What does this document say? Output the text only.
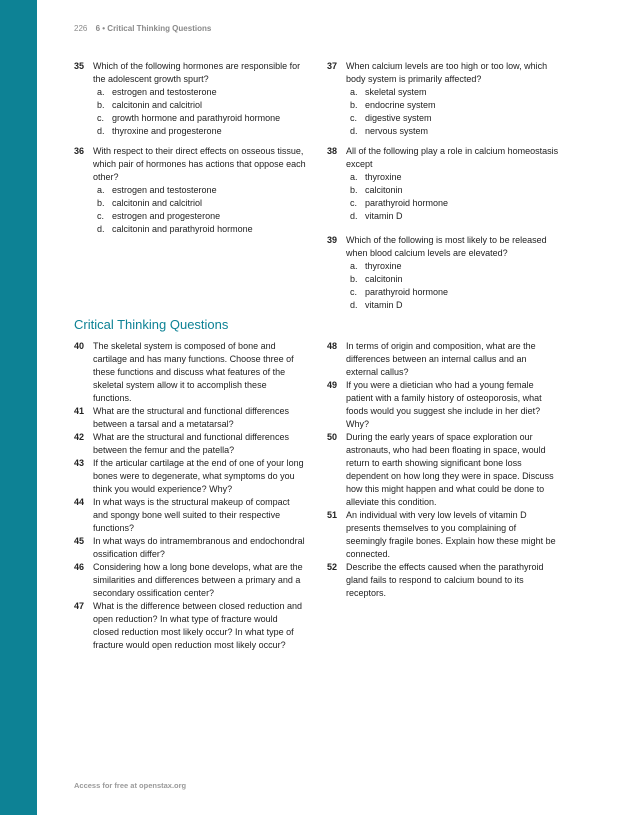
226 6 • Critical Thinking Questions
35 Which of the following hormones are responsible for the adolescent growth spurt?
a. estrogen and testosterone
b. calcitonin and calcitriol
c. growth hormone and parathyroid hormone
d. thyroxine and progesterone
36 With respect to their direct effects on osseous tissue, which pair of hormones has actions that oppose each other?
a. estrogen and testosterone
b. calcitonin and calcitriol
c. estrogen and progesterone
d. calcitonin and parathyroid hormone
37 When calcium levels are too high or too low, which body system is primarily affected?
a. skeletal system
b. endocrine system
c. digestive system
d. nervous system
38 All of the following play a role in calcium homeostasis except
a. thyroxine
b. calcitonin
c. parathyroid hormone
d. vitamin D
39 Which of the following is most likely to be released when blood calcium levels are elevated?
a. thyroxine
b. calcitonin
c. parathyroid hormone
d. vitamin D
Critical Thinking Questions
40 The skeletal system is composed of bone and cartilage and has many functions. Choose three of these functions and discuss what features of the skeletal system allow it to accomplish these functions.
41 What are the structural and functional differences between a tarsal and a metatarsal?
42 What are the structural and functional differences between the femur and the patella?
43 If the articular cartilage at the end of one of your long bones were to degenerate, what symptoms do you think you would experience? Why?
44 In what ways is the structural makeup of compact and spongy bone well suited to their respective functions?
45 In what ways do intramembranous and endochondral ossification differ?
46 Considering how a long bone develops, what are the similarities and differences between a primary and a secondary ossification center?
47 What is the difference between closed reduction and open reduction? In what type of fracture would closed reduction most likely occur? In what type of fracture would open reduction most likely occur?
48 In terms of origin and composition, what are the differences between an internal callus and an external callus?
49 If you were a dietician who had a young female patient with a family history of osteoporosis, what foods would you suggest she include in her diet? Why?
50 During the early years of space exploration our astronauts, who had been floating in space, would return to earth showing significant bone loss dependent on how long they were in space. Discuss how this might happen and what could be done to alleviate this condition.
51 An individual with very low levels of vitamin D presents themselves to you complaining of seemingly fragile bones. Explain how these might be connected.
52 Describe the effects caused when the parathyroid gland fails to respond to calcium bound to its receptors.
Access for free at openstax.org
